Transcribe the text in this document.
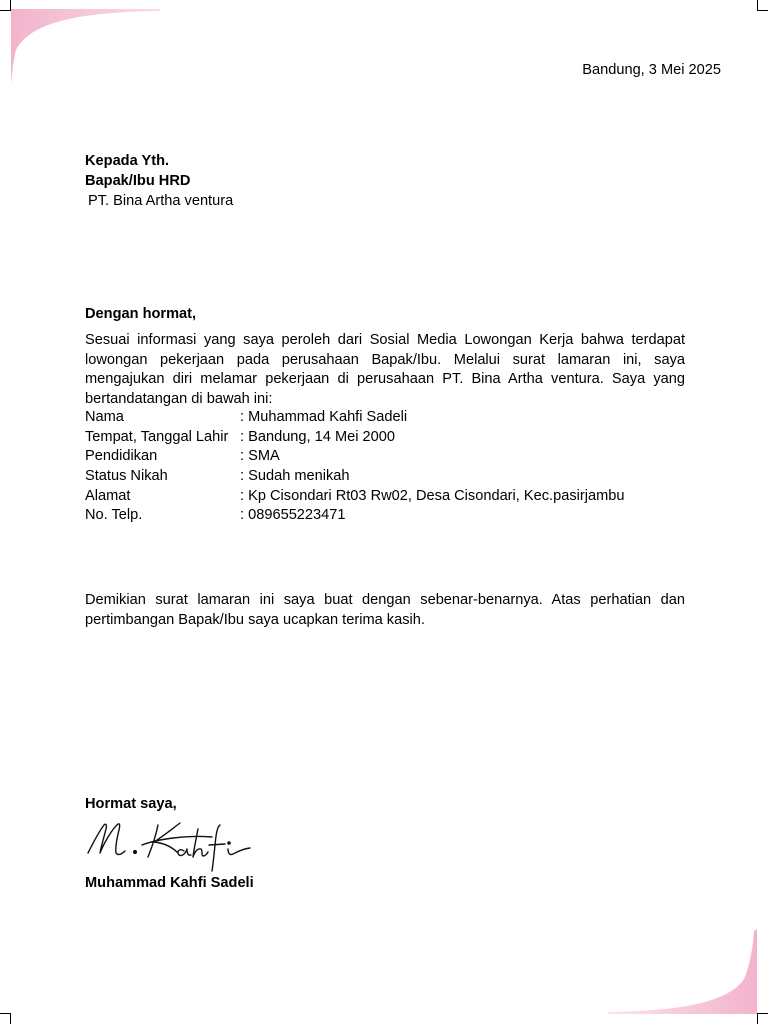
Bandung, 3 Mei 2025
Kepada Yth.
Bapak/Ibu HRD
PT. Bina Artha ventura
Dengan hormat,

Sesuai informasi yang saya peroleh dari Sosial Media Lowongan Kerja bahwa terdapat lowongan pekerjaan pada perusahaan Bapak/Ibu. Melalui surat lamaran ini, saya mengajukan diri melamar pekerjaan di perusahaan PT. Bina Artha ventura. Saya yang bertandatangan di bawah ini:

Nama	: Muhammad Kahfi Sadeli
Tempat, Tanggal Lahir	: Bandung, 14 Mei 2000
Pendidikan	: SMA
Status Nikah	: Sudah menikah
Alamat	: Kp Cisondari Rt03 Rw02, Desa Cisondari, Kec.pasirjambu
No. Telp.	: 089655223471

Demikian surat lamaran ini saya buat dengan sebenar-benarnya. Atas perhatian dan pertimbangan Bapak/Ibu saya ucapkan terima kasih.

Hormat saya,
Muhammad Kahfi Sadeli
